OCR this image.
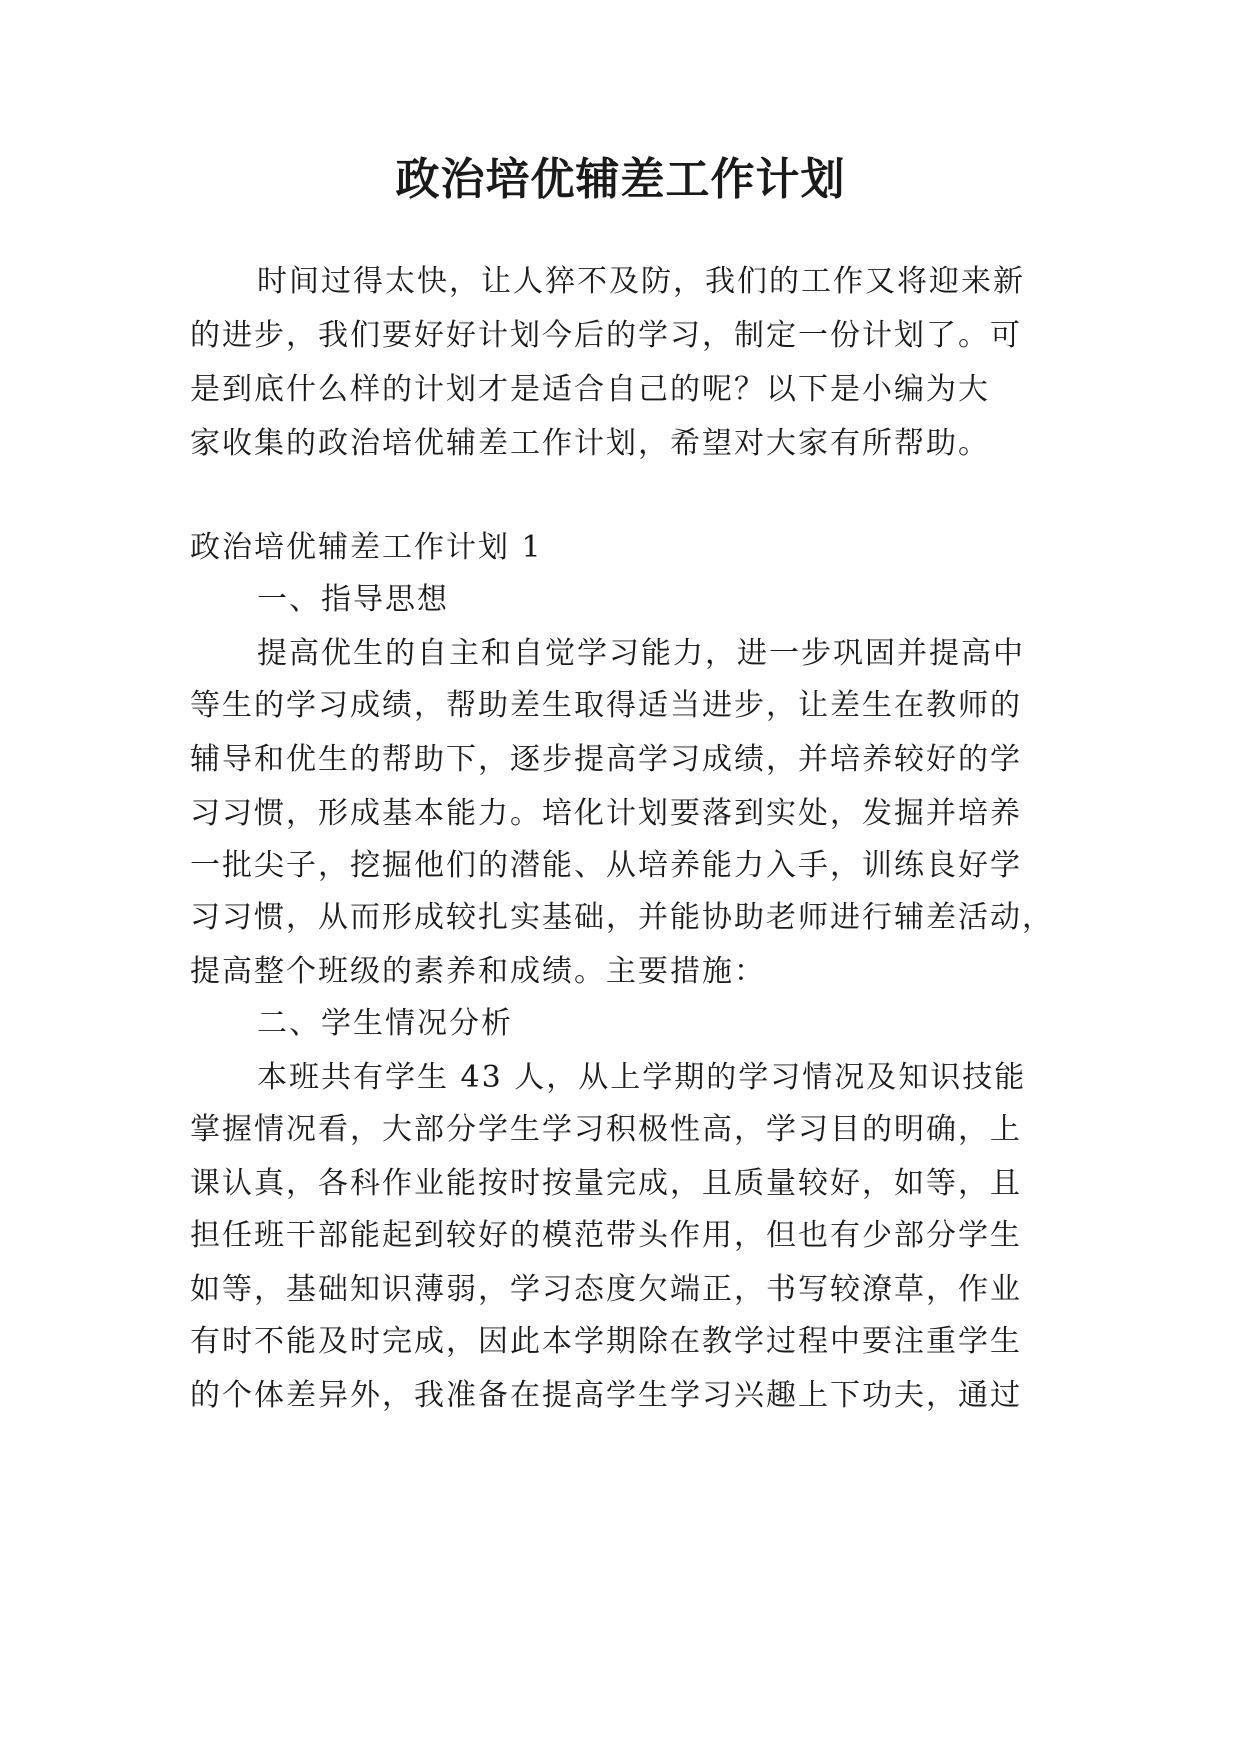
政治培优辅差工作计划
时间过得太快，让人猝不及防，我们的工作又将迎来新
的进步，我们要好好计划今后的学习，制定一份计划了。可
是到底什么样的计划才是适合自己的呢？以下是小编为大
家收集的政治培优辅差工作计划，希望对大家有所帮助。
政治培优辅差工作计划 1
一、指导思想
提高优生的自主和自觉学习能力，进一步巩固并提高中
等生的学习成绩，帮助差生取得适当进步，让差生在教师的
辅导和优生的帮助下，逐步提高学习成绩，并培养较好的学
习习惯，形成基本能力。培化计划要落到实处，发掘并培养
一批尖子，挖掘他们的潜能、从培养能力入手，训练良好学
习习惯，从而形成较扎实基础，并能协助老师进行辅差活动，
提高整个班级的素养和成绩。主要措施：
二、学生情况分析
本班共有学生 43 人，从上学期的学习情况及知识技能
掌握情况看，大部分学生学习积极性高，学习目的明确，上
课认真，各科作业能按时按量完成，且质量较好，如等，且
担任班干部能起到较好的模范带头作用，但也有少部分学生
如等，基础知识薄弱，学习态度欠端正，书写较潦草，作业
有时不能及时完成，因此本学期除在教学过程中要注重学生
的个体差异外，我准备在提高学生学习兴趣上下功夫，通过
